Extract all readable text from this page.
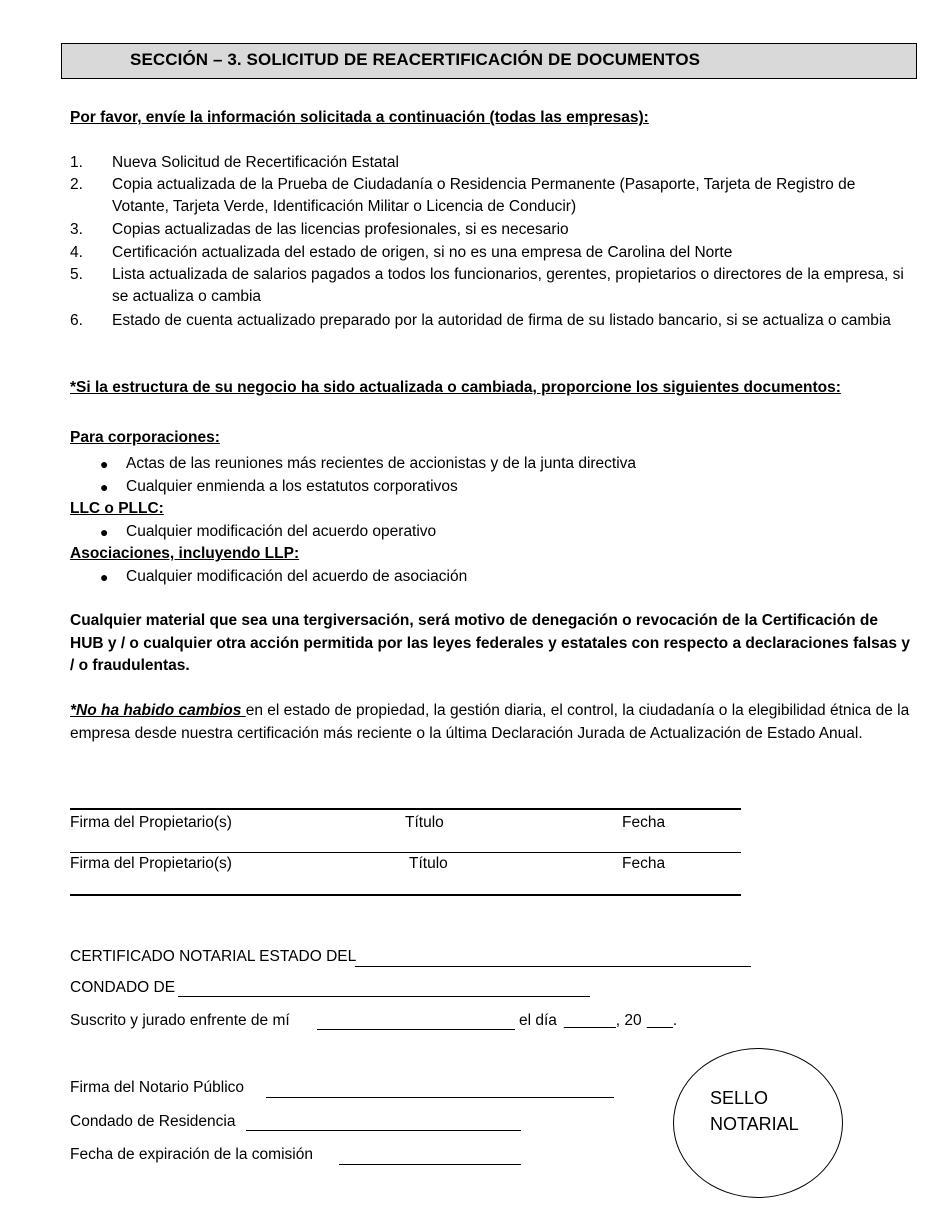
SECCIÓN – 3. SOLICITUD DE REACERTIFICACIÓN DE DOCUMENTOS
Por favor, envíe la información solicitada a continuación (todas las empresas):
1. Nueva Solicitud de Recertificación Estatal
2. Copia actualizada de la Prueba de Ciudadanía o Residencia Permanente (Pasaporte, Tarjeta de Registro de Votante, Tarjeta Verde, Identificación Militar o Licencia de Conducir)
3. Copias actualizadas de las licencias profesionales, si es necesario
4. Certificación actualizada del estado de origen, si no es una empresa de Carolina del Norte
5. Lista actualizada de salarios pagados a todos los funcionarios, gerentes, propietarios o directores de la empresa, si se actualiza o cambia
6. Estado de cuenta actualizado preparado por la autoridad de firma de su listado bancario, si se actualiza o cambia
*Si la estructura de su negocio ha sido actualizada o cambiada, proporcione los siguientes documentos:
Para corporaciones:
● Actas de las reuniones más recientes de accionistas y de la junta directiva
● Cualquier enmienda a los estatutos corporativos
LLC o PLLC:
● Cualquier modificación del acuerdo operativo
Asociaciones, incluyendo LLP:
● Cualquier modificación del acuerdo de asociación
Cualquier material que sea una tergiversación, será motivo de denegación o revocación de la Certificación de HUB y / o cualquier otra acción permitida por las leyes federales y estatales con respecto a declaraciones falsas y / o fraudulentas.
*No ha habido cambios en el estado de propiedad, la gestión diaria, el control, la ciudadanía o la elegibilidad étnica de la empresa desde nuestra certificación más reciente o la última Declaración Jurada de Actualización de Estado Anual.
Firma del Propietario(s)	Título	Fecha
Firma del Propietario(s)	Título	Fecha
CERTIFICADO NOTARIAL ESTADO DEL
CONDADO DE
Suscrito y jurado enfrente de mí	el día ______, 20 ___.
Firma del Notario Público
Condado de Residencia
Fecha de expiración de la comisión
SELLO
NOTARIAL
